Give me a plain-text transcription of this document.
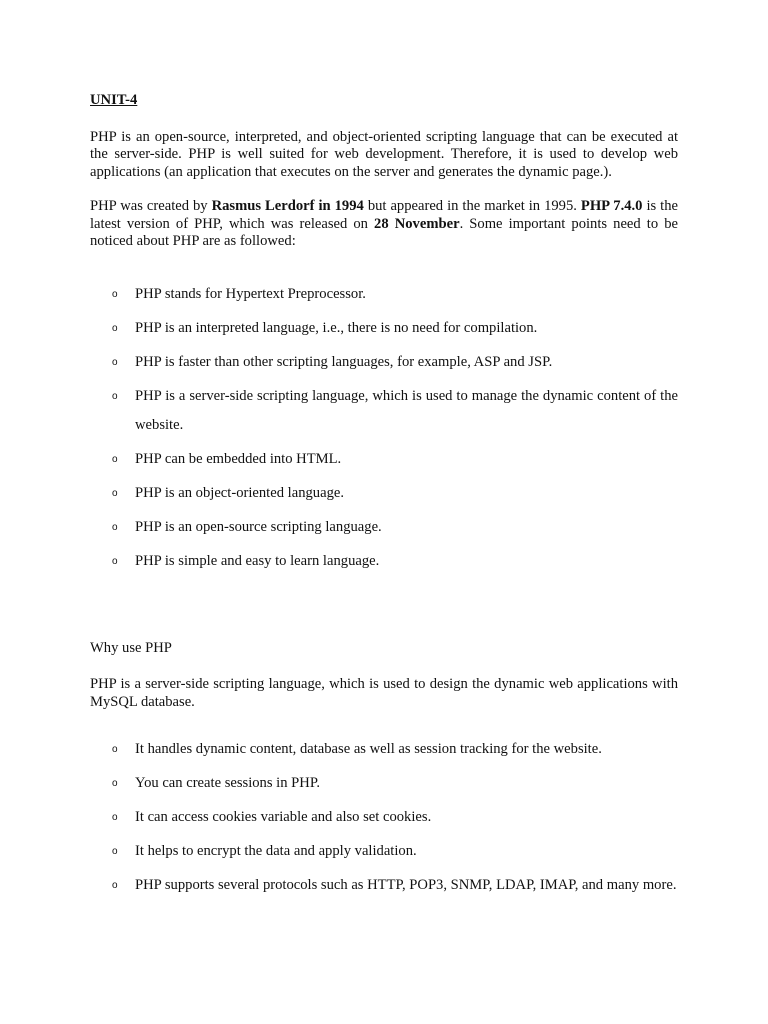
UNIT-4

PHP is an open-source, interpreted, and object-oriented scripting language that can be executed at the server-side. PHP is well suited for web development. Therefore, it is used to develop web applications (an application that executes on the server and generates the dynamic page.).

PHP was created by Rasmus Lerdorf in 1994 but appeared in the market in 1995. PHP 7.4.0 is the latest version of PHP, which was released on 28 November. Some important points need to be noticed about PHP are as followed:

o PHP stands for Hypertext Preprocessor.
o PHP is an interpreted language, i.e., there is no need for compilation.
o PHP is faster than other scripting languages, for example, ASP and JSP.
o PHP is a server-side scripting language, which is used to manage the dynamic content of the website.
o PHP can be embedded into HTML.
o PHP is an object-oriented language.
o PHP is an open-source scripting language.
o PHP is simple and easy to learn language.

Why use PHP

PHP is a server-side scripting language, which is used to design the dynamic web applications with MySQL database.

o It handles dynamic content, database as well as session tracking for the website.
o You can create sessions in PHP.
o It can access cookies variable and also set cookies.
o It helps to encrypt the data and apply validation.
o PHP supports several protocols such as HTTP, POP3, SNMP, LDAP, IMAP, and many more.
